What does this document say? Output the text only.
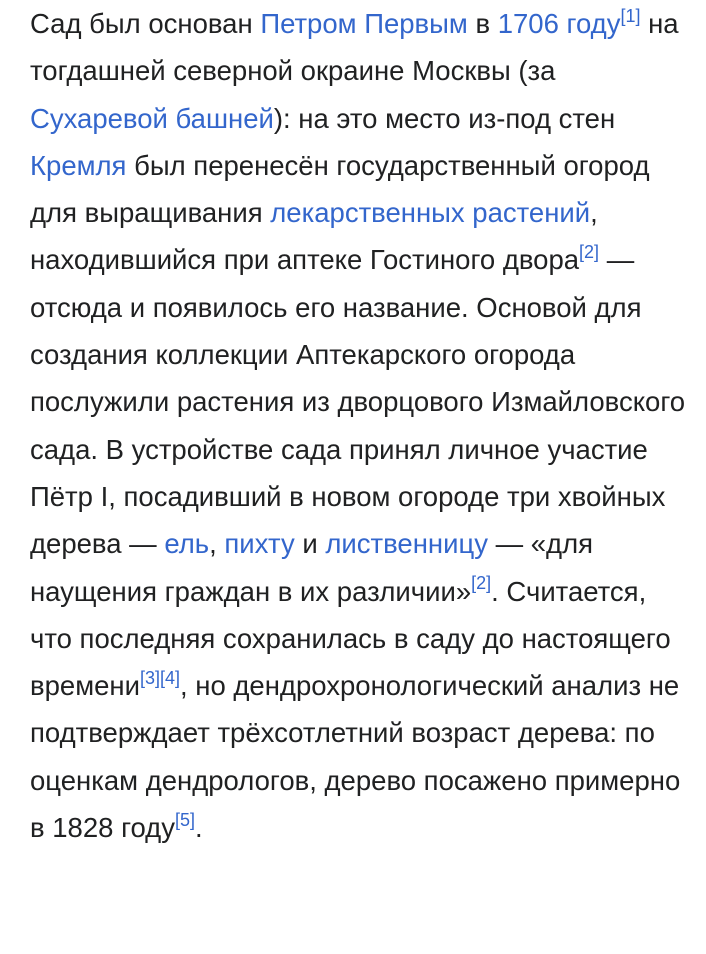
Сад был основан Петром Первым в 1706 году[1] на тогдашней северной окраине Москвы (за Сухаревой башней): на это место из-под стен Кремля был перенесён государственный огород для выращивания лекарственных растений, находившийся при аптеке Гостиного двора[2] — отсюда и появилось его название. Основой для создания коллекции Аптекарского огорода послужили растения из дворцового Измайловского сада. В устройстве сада принял личное участие Пётр I, посадивший в новом огороде три хвойных дерева — ель, пихту и лиственницу — «для наущения граждан в их различии»[2]. Считается, что последняя сохранилась в саду до настоящего времени[3][4], но дендрохронологический анализ не подтверждает трёхсотлетний возраст дерева: по оценкам дендрологов, дерево посажено примерно в 1828 году[5].
